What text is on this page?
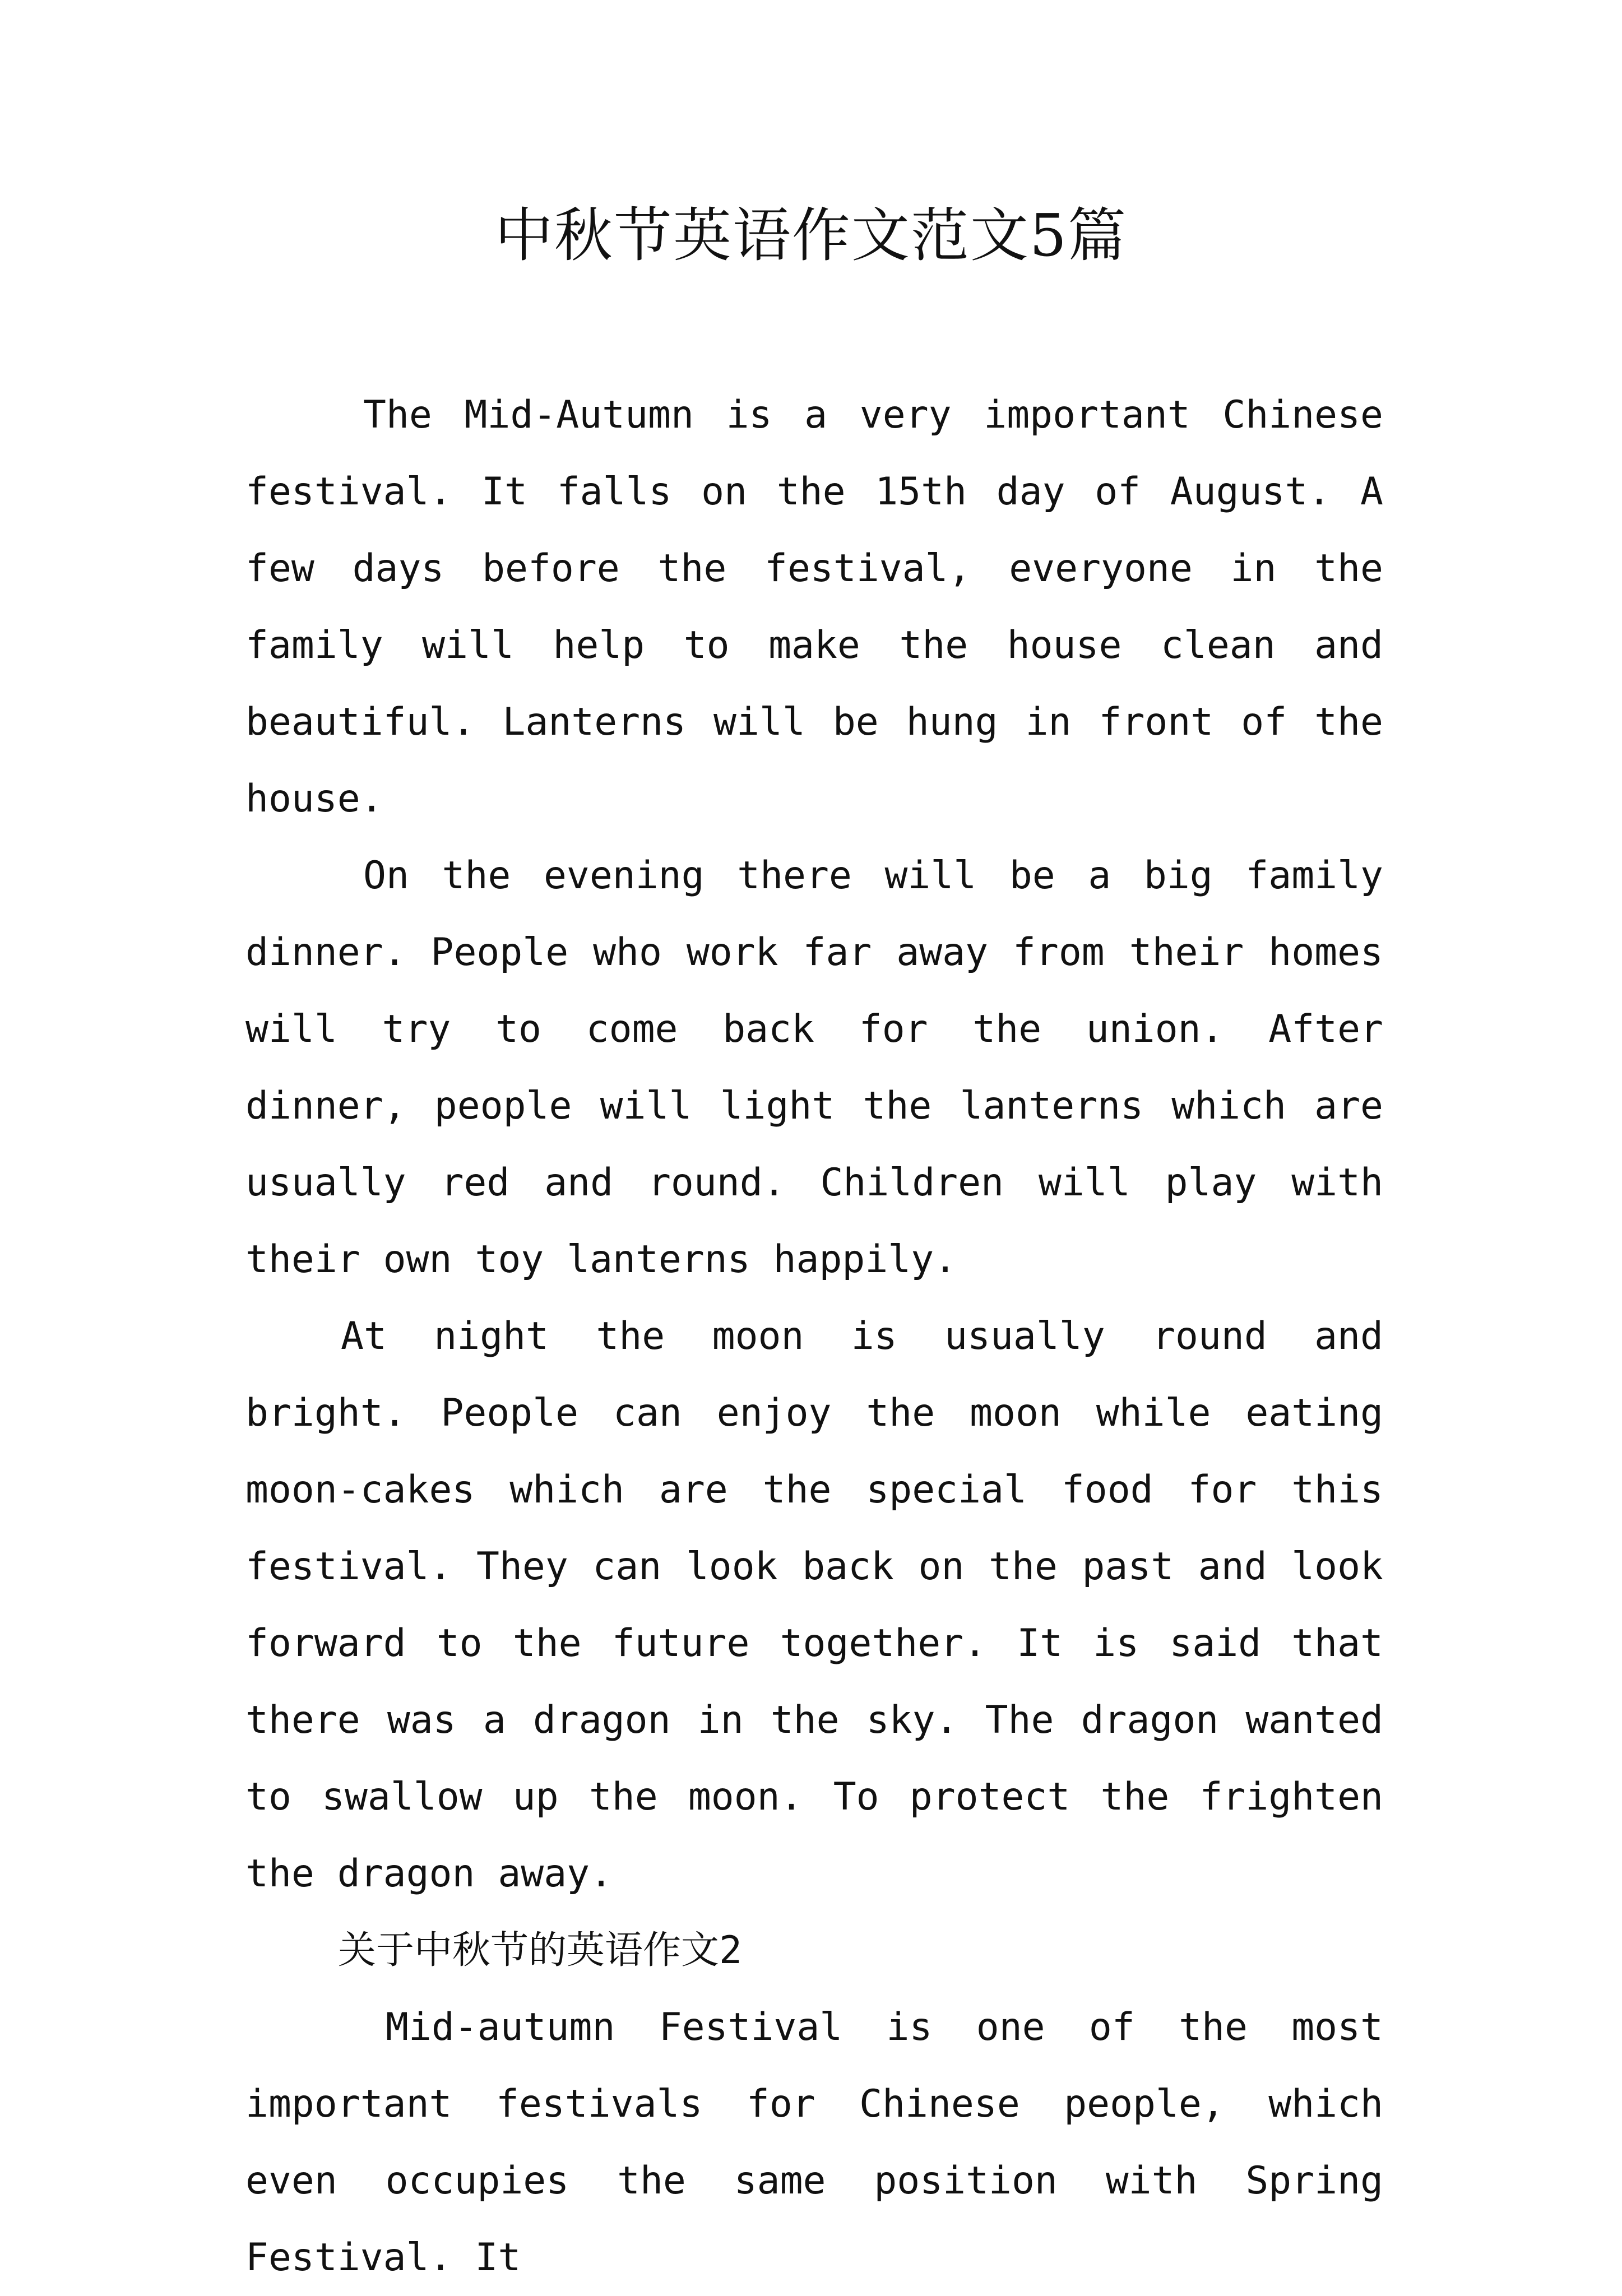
中秋节英语作文范文5篇

The Mid-Autumn is a very important Chinese festival. It falls on the 15th day of August. A few days before the festival, everyone in the family will help to make the house clean and beautiful. Lanterns will be hung in front of the house.

On the evening there will be a big family dinner. People who work far away from their homes will try to come back for the union. After dinner, people will light the lanterns which are usually red and round. Children will play with their own toy lanterns happily.

At night the moon is usually round and bright. People can enjoy the moon while eating moon-cakes which are the special food for this festival. They can look back on the past and look forward to the future together. It is said that there was a dragon in the sky. The dragon wanted to swallow up the moon. To protect the frighten the dragon away.

关于中秋节的英语作文2

Mid-autumn Festival is one of the most important festivals for Chinese people, which even occupies the same position with Spring Festival. It
